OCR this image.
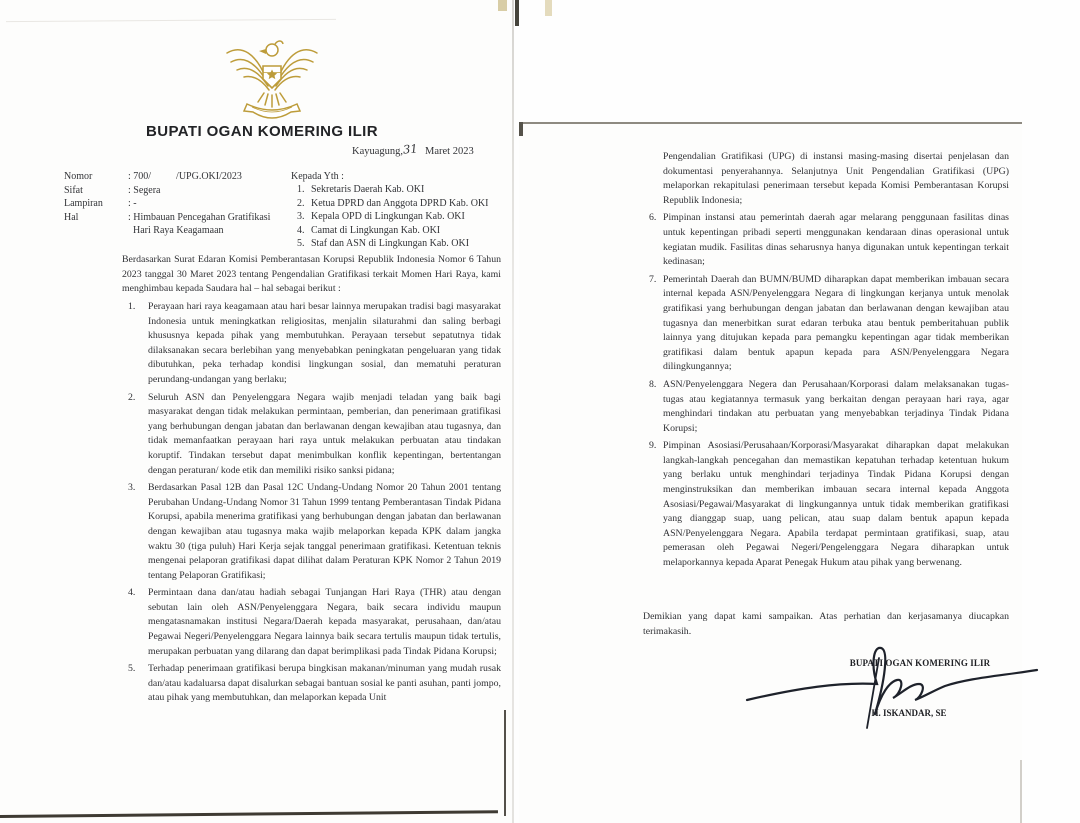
BUPATI OGAN KOMERING ILIR
Kayuagung, 31 Maret 2023
Nomor	: 700/          /UPG.OKI/2023
Sifat	: Segera
Lampiran	: -
Hal	: Himbauan Pencegahan Gratifikasi
Hari Raya Keagamaan
Kepada Yth :
1. Sekretaris Daerah Kab. OKI
2. Ketua DPRD dan Anggota DPRD Kab. OKI
3. Kepala OPD di Lingkungan Kab. OKI
4. Camat di Lingkungan Kab. OKI
5. Staf dan ASN di Lingkungan Kab. OKI
Berdasarkan Surat Edaran Komisi Pemberantasan Korupsi Republik Indonesia Nomor 6 Tahun 2023 tanggal 30 Maret 2023 tentang Pengendalian Gratifikasi terkait Momen Hari Raya, kami menghimbau kepada Saudara hal – hal sebagai berikut :
1.	Perayaan hari raya keagamaan atau hari besar lainnya merupakan tradisi bagi masyarakat Indonesia untuk meningkatkan religiositas, menjalin silaturahmi dan saling berbagi khususnya kepada pihak yang membutuhkan. Perayaan tersebut sepatutnya tidak dilaksanakan secara berlebihan yang menyebabkan peningkatan pengeluaran yang tidak dibutuhkan, peka terhadap kondisi lingkungan sosial, dan mematuhi peraturan perundang-undangan yang berlaku;
2.	Seluruh ASN dan Penyelenggara Negara wajib menjadi teladan yang baik bagi masyarakat dengan tidak melakukan permintaan, pemberian, dan penerimaan gratifikasi yang berhubungan dengan jabatan dan berlawanan dengan kewajiban atau tugasnya, dan tidak memanfaatkan perayaan hari raya untuk melakukan perbuatan atau tindakan koruptif. Tindakan tersebut dapat menimbulkan konflik kepentingan, bertentangan dengan peraturan/ kode etik dan memiliki risiko sanksi pidana;
3.	Berdasarkan Pasal 12B dan Pasal 12C Undang-Undang Nomor 20 Tahun 2001 tentang Perubahan Undang-Undang Nomor 31 Tahun 1999 tentang Pemberantasan Tindak Pidana Korupsi, apabila menerima gratifikasi yang berhubungan dengan jabatan dan berlawanan dengan kewajiban atau tugasnya maka wajib melaporkan kepada KPK dalam jangka waktu 30 (tiga puluh) Hari Kerja sejak tanggal penerimaan gratifikasi. Ketentuan teknis mengenai pelaporan gratifikasi dapat dilihat dalam Peraturan KPK Nomor 2 Tahun 2019 tentang Pelaporan Gratifikasi;
4.	Permintaan dana dan/atau hadiah sebagai Tunjangan Hari Raya (THR) atau dengan sebutan lain oleh ASN/Penyelenggara Negara, baik secara individu maupun mengatasnamakan institusi Negara/Daerah kepada masyarakat, perusahaan, dan/atau Pegawai Negeri/Penyelenggara Negara lainnya baik secara tertulis maupun tidak tertulis, merupakan perbuatan yang dilarang dan dapat berimplikasi pada Tindak Pidana Korupsi;
5.	Terhadap penerimaan gratifikasi berupa bingkisan makanan/minuman yang mudah rusak dan/atau kadaluarsa dapat disalurkan sebagai bantuan sosial ke panti asuhan, panti jompo, atau pihak yang membutuhkan, dan melaporkan kepada Unit
Pengendalian Gratifikasi (UPG) di instansi masing-masing disertai penjelasan dan dokumentasi penyerahannya. Selanjutnya Unit Pengendalian Gratifikasi (UPG) melaporkan rekapitulasi penerimaan tersebut kepada Komisi Pemberantasan Korupsi Republik Indonesia;
6. Pimpinan instansi atau pemerintah daerah agar melarang penggunaan fasilitas dinas untuk kepentingan pribadi seperti menggunakan kendaraan dinas operasional untuk kegiatan mudik. Fasilitas dinas seharusnya hanya digunakan untuk kepentingan terkait kedinasan;
7. Pemerintah Daerah dan BUMN/BUMD diharapkan dapat memberikan imbauan secara internal kepada ASN/Penyelenggara Negara di lingkungan kerjanya untuk menolak gratifikasi yang berhubungan dengan jabatan dan berlawanan dengan kewajiban atau tugasnya dan menerbitkan surat edaran terbuka atau bentuk pemberitahuan publik lainnya yang ditujukan kepada para pemangku kepentingan agar tidak memberikan gratifikasi dalam bentuk apapun kepada para ASN/Penyelenggara Negara dilingkungannya;
8. ASN/Penyelenggara Negera dan Perusahaan/Korporasi dalam melaksanakan tugas-tugas atau kegiatannya termasuk yang berkaitan dengan perayaan hari raya, agar menghindari tindakan atu perbuatan yang menyebabkan terjadinya Tindak Pidana Korupsi;
9. Pimpinan Asosiasi/Perusahaan/Korporasi/Masyarakat diharapkan dapat melakukan langkah-langkah pencegahan dan memastikan kepatuhan terhadap ketentuan hukum yang berlaku untuk menghindari terjadinya Tindak Pidana Korupsi dengan menginstruksikan dan memberikan imbauan secara internal kepada Anggota Asosiasi/Pegawai/Masyarakat di lingkungannya untuk tidak memberikan gratifikasi yang dianggap suap, uang pelican, atau suap dalam bentuk apapun kepada ASN/Penyelenggara Negara. Apabila terdapat permintaan gratifikasi, suap, atau pemerasan oleh Pegawai Negeri/Pengelenggara Negara diharapkan untuk melaporkannya kepada Aparat Penegak Hukum atau pihak yang berwenang.
Demikian yang dapat kami sampaikan. Atas perhatian dan kerjasamanya diucapkan terimakasih.
BUPATI OGAN KOMERING ILIR
H. ISKANDAR, SE
